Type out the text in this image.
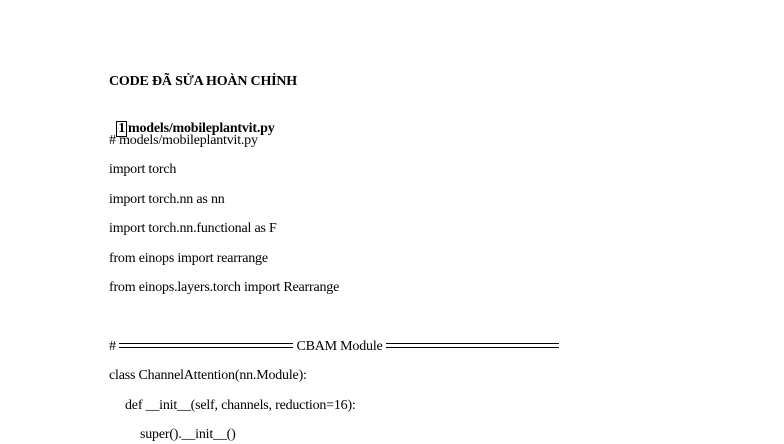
CODE ĐÃ SỬA HOÀN CHỈNH

1 models/mobileplantvit.py

# models/mobileplantvit.py
import torch
import torch.nn as nn
import torch.nn.functional as F
from einops import rearrange
from einops.layers.torch import Rearrange
#	CBAM Module
class ChannelAttention(nn.Module):
def __init__(self, channels, reduction=16):
super().__init__()
